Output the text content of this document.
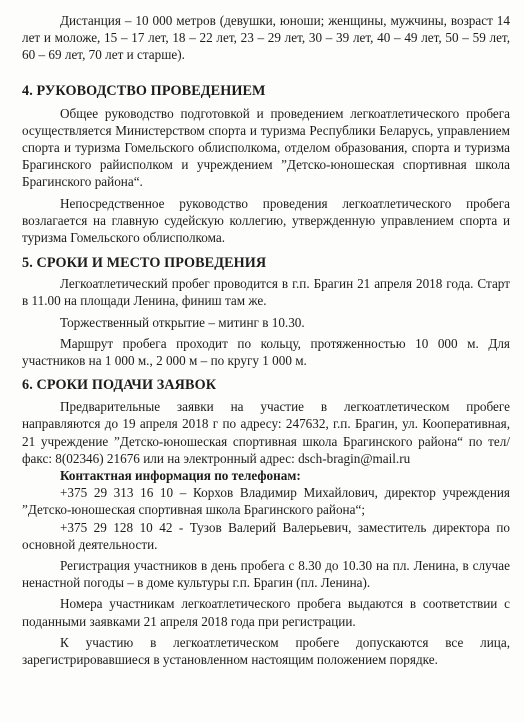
Дистанция – 10 000 метров (девушки, юноши; женщины, мужчины, возраст 14 лет и моложе, 15 – 17 лет, 18 – 22 лет, 23 – 29 лет, 30 – 39 лет, 40 – 49 лет, 50 – 59 лет, 60 – 69 лет, 70 лет и старше).

4. РУКОВОДСТВО ПРОВЕДЕНИЕМ

Общее руководство подготовкой и проведением легкоатлетического пробега осуществляется Министерством спорта и туризма Республики Беларусь, управлением спорта и туризма Гомельского облисполкома, отделом образования, спорта и туризма Брагинского райисполком и учреждением ”Детско-юношеская спортивная школа Брагинского района“.

Непосредственное руководство проведения легкоатлетического пробега возлагается на главную судейскую коллегию, утвержденную управлением спорта и туризма Гомельского облисполкома.

5. СРОКИ И МЕСТО ПРОВЕДЕНИЯ

Легкоатлетический пробег проводится в г.п. Брагин 21 апреля 2018 года. Старт в 11.00 на площади Ленина, финиш там же.

Торжественный открытие – митинг в 10.30.

Маршрут пробега проходит по кольцу, протяженностью 10 000 м. Для участников на 1 000 м., 2 000 м – по кругу 1 000 м.

6. СРОКИ ПОДАЧИ ЗАЯВОК

Предварительные заявки на участие в легкоатлетическом пробеге направляются до 19 апреля 2018 г по адресу: 247632, г.п. Брагин, ул. Кооперативная, 21 учреждение ”Детско-юношеская спортивная школа Брагинского района“ по тел/факс: 8(02346) 21676 или на электронный адрес: dsch-bragin@mail.ru

Контактная информация по телефонам:

+375 29 313 16 10 – Корхов Владимир Михайлович, директор учреждения ”Детско-юношеская спортивная школа Брагинского района“;

+375 29 128 10 42 - Тузов Валерий Валерьевич, заместитель директора по основной деятельности.

Регистрация участников в день пробега с 8.30 до 10.30 на пл. Ленина, в случае ненастной погоды – в доме культуры г.п. Брагин (пл. Ленина).

Номера участникам легкоатлетического пробега выдаются в соответствии с поданными заявками 21 апреля 2018 года при регистрации.

К участию в легкоатлетическом пробеге допускаются все лица, зарегистрировавшиеся в установленном настоящим положением порядке.
